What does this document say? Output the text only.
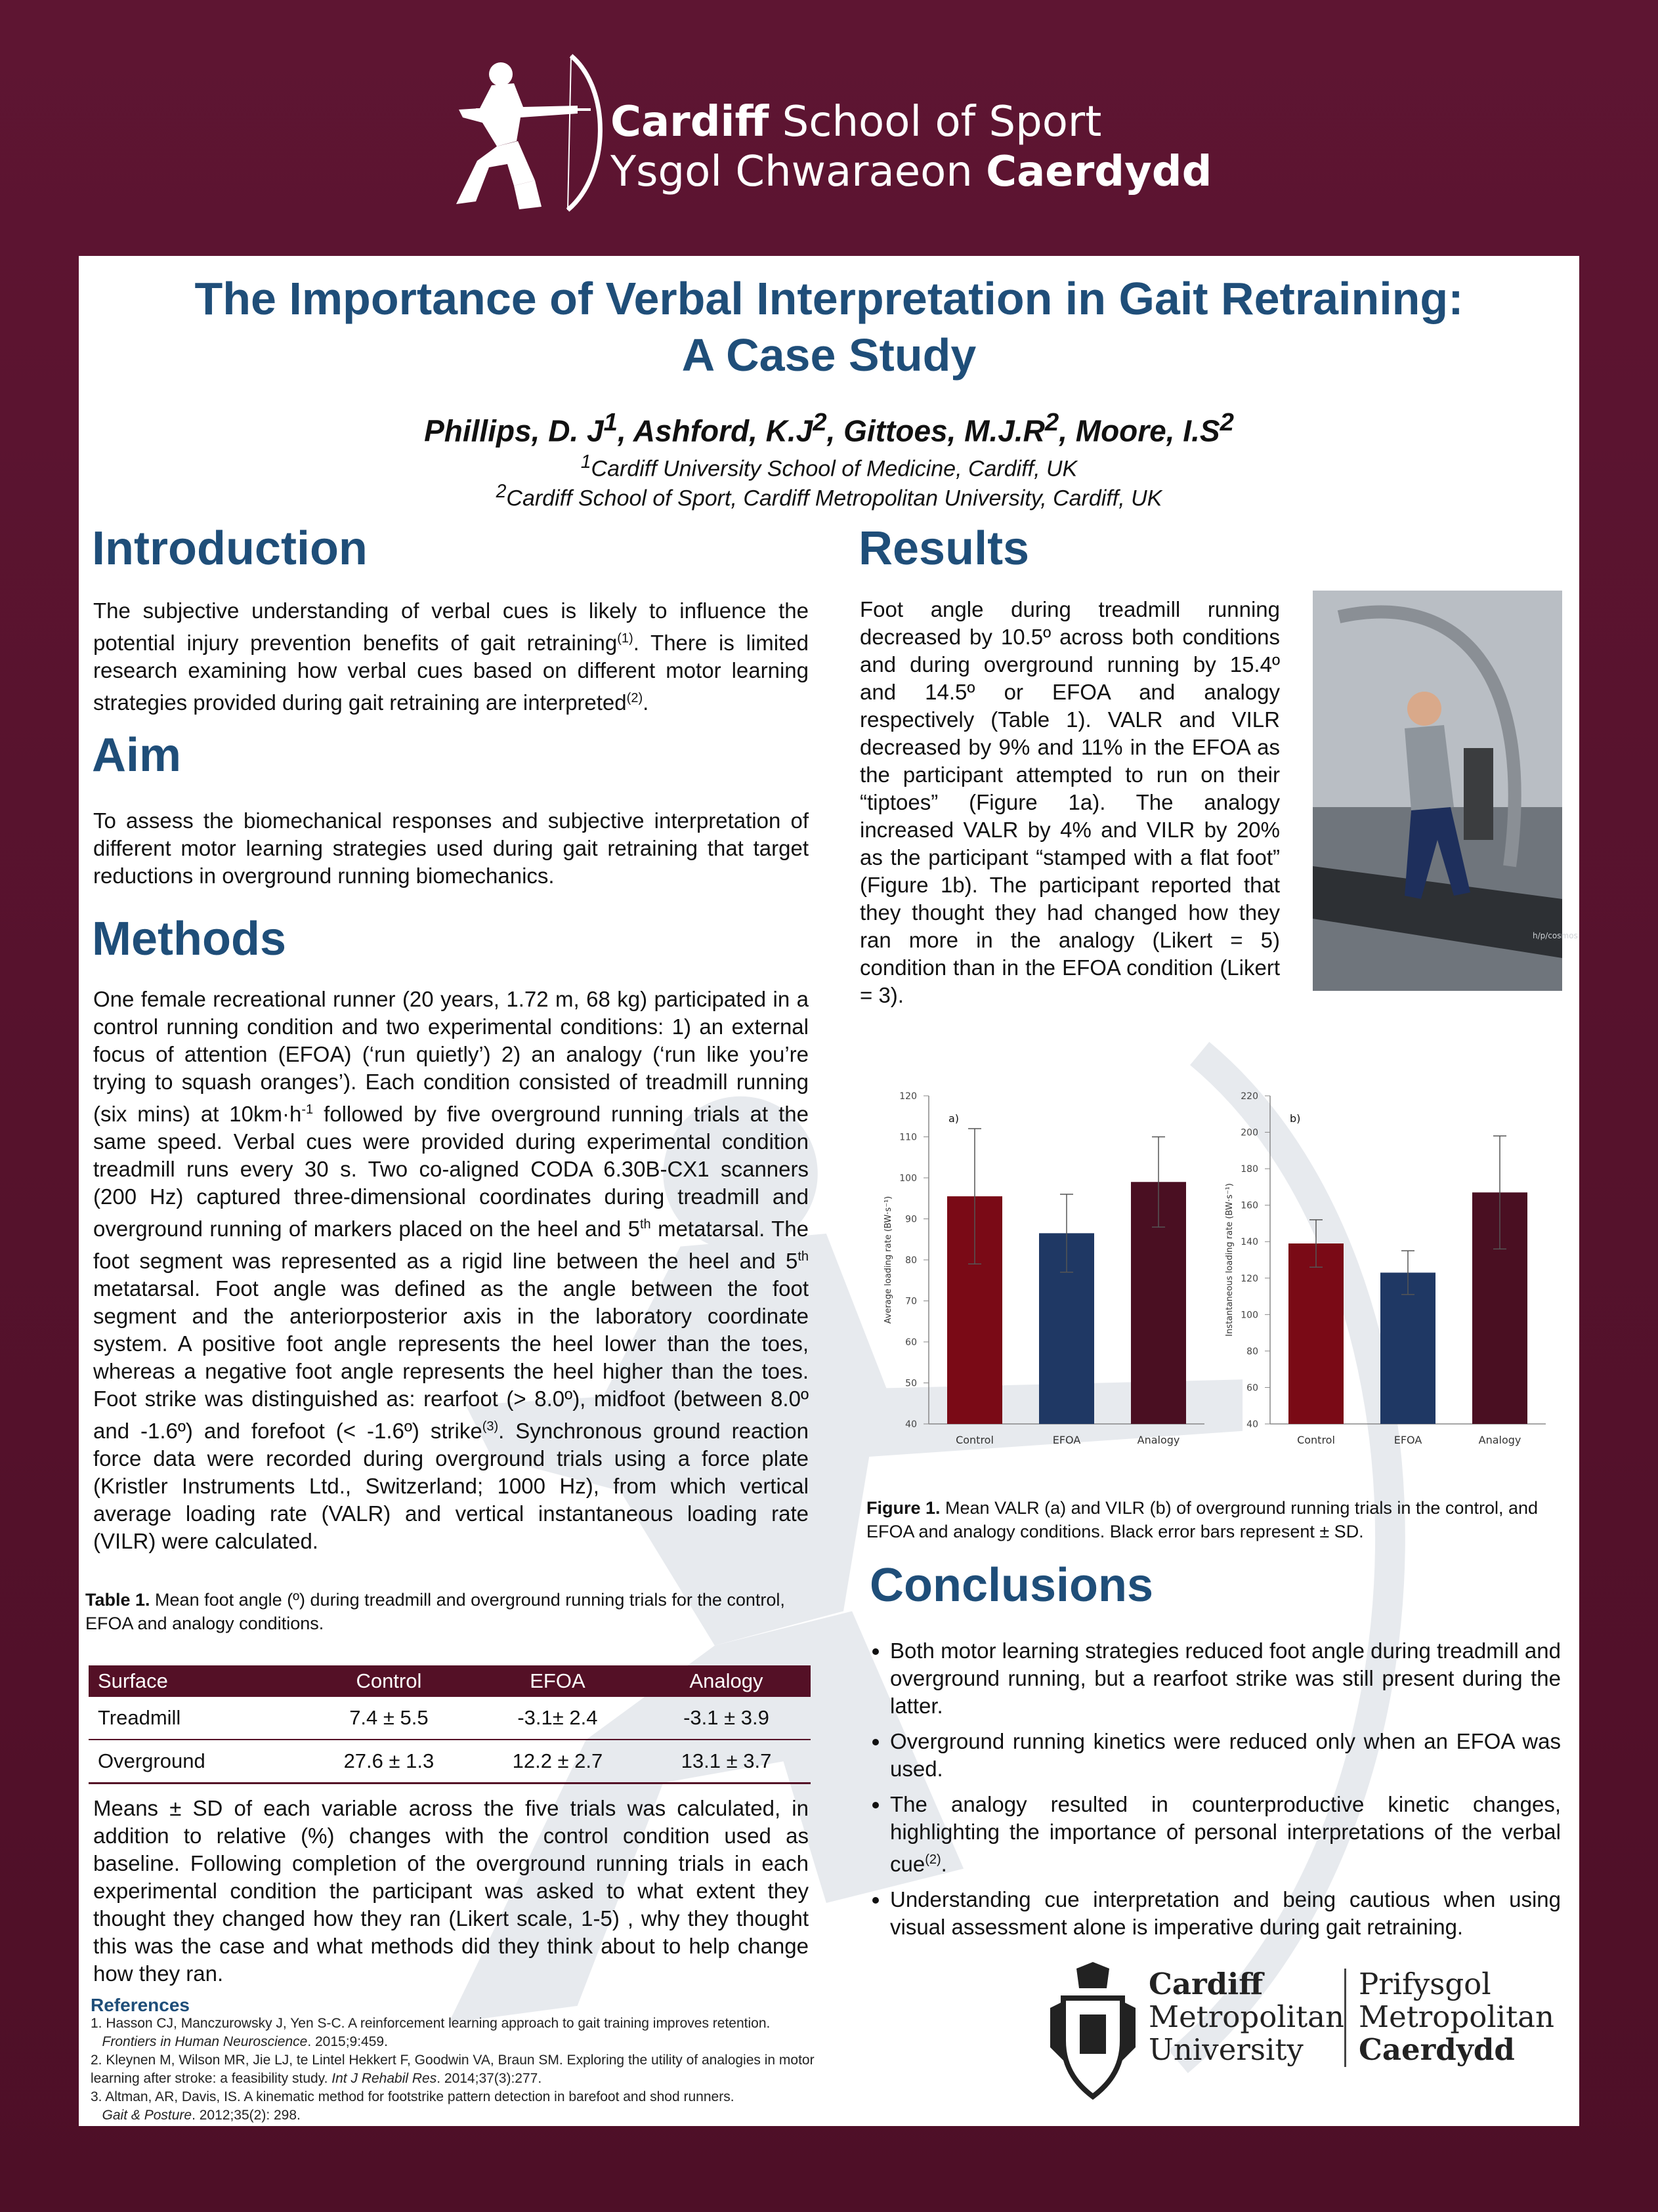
Cardiff School of Sport
Ysgol Chwaraeon Caerdydd
The Importance of Verbal Interpretation in Gait Retraining:
A Case Study
Phillips, D. $J^1$, Ashford, $K.J^2$, Gittoes, $M.J.R^2$, Moore, $I.S^2$
$^1$Cardiff University School of Medicine, Cardiff, UK
$^2$Cardiff School of Sport, Cardiff Metropolitan University, Cardiff, UK
Introduction
The subjective understanding of verbal cues is likely to influence the potential injury prevention benefits of gait retraining$^{(1)}$. There is limited research examining how verbal cues based on different motor learning strategies provided during gait retraining are interpreted$^{(2)}$.
Aim
To assess the biomechanical responses and subjective interpretation of different motor learning strategies used during gait retraining that target reductions in overground running biomechanics.
Methods
One female recreational runner (20 years, 1.72 m, 68 kg) participated in a control running condition and two experimental conditions: 1) an external focus of attention (EFOA) (‘run quietly’) 2) an analogy (‘run like you’re trying to squash oranges’). Each condition consisted of treadmill running (six mins) at $10km\cdot h^{-1}$ followed by five overground running trials at the same speed. Verbal cues were provided during experimental condition treadmill runs every 30 s. Two co-aligned CODA 6.30B-CX1 scanners (200 Hz) captured three-dimensional coordinates during treadmill and overground running of markers placed on the heel and 5th metatarsal. The foot segment was represented as a rigid line between the heel and 5th metatarsal. Foot angle was defined as the angle between the foot segment and the anteriorposterior axis in the laboratory coordinate system. A positive foot angle represents the heel lower than the toes, whereas a negative foot angle represents the heel higher than the toes. Foot strike was distinguished as: rearfoot (> 8.0º), midfoot (between 8.0º and -1.6º) and forefoot (< -1.6º) strike$^{(3)}$. Synchronous ground reaction force data were recorded during overground trials using a force plate (Kristler Instruments Ltd., Switzerland; 1000 Hz), from which vertical average loading rate (VALR) and vertical instantaneous loading rate (VILR) were calculated.
Table 1. Mean foot angle (º) during treadmill and overground running trials for the control, EFOA and analogy conditions.
Surface	Control	EFOA	Analogy
Treadmill	7.4 ± 5.5	-3.1± 2.4	-3.1 ± 3.9
Overground	27.6 ± 1.3	12.2 ± 2.7	13.1 ± 3.7
Means ± SD of each variable across the five trials was calculated, in addition to relative (%) changes with the control condition used as baseline. Following completion of the overground running trials in each experimental condition the participant was asked to what extent they thought they changed how they ran (Likert scale, 1-5) , why they thought this was the case and what methods did they think about to help change how they ran.
References
1. Hasson CJ, Manczurowsky J, Yen S-C. A reinforcement learning approach to gait training improves retention.
Frontiers in Human Neuroscience. 2015;9:459.
2. Kleynen M, Wilson MR, Jie LJ, te Lintel Hekkert F, Goodwin VA, Braun SM. Exploring the utility of analogies in motor learning after stroke: a feasibility study. Int J Rehabil Res. 2014;37(3):277.
3. Altman, AR, Davis, IS. A kinematic method for footstrike pattern detection in barefoot and shod runners.
Gait & Posture. 2012;35(2): 298.
Results
Foot angle during treadmill running decreased by 10.5º across both conditions and during overground running by 15.4º and 14.5º or EFOA and analogy respectively (Table 1). VALR and VILR decreased by 9% and 11% in the EFOA as the participant attempted to run on their “tiptoes” (Figure 1a). The analogy increased VALR by 4% and VILR by 20% as the participant “stamped with a flat foot” (Figure 1b). The participant reported that they thought they had changed how they ran more in the analogy (Likert = 5) condition than in the EFOA condition (Likert = 3).
h/p/cosmos
40
50
60
70
80
90
100
110
120
Average loading rate (BW·s⁻¹)
a)
Control	EFOA	Analogy
40
60
80
100
120
140
160
180
200
220
Instantaneous loading rate (BW·s⁻¹)
b)
Control	EFOA	Analogy
Figure 1. Mean VALR (a) and VILR (b) of overground running trials in the control, and EFOA and analogy conditions. Black error bars represent ± SD.
Conclusions
• Both motor learning strategies reduced foot angle during treadmill and overground running, but a rearfoot strike was still present during the latter.
• Overground running kinetics were reduced only when an EFOA was used.
• The analogy resulted in counterproductive kinetic changes, highlighting the importance of personal interpretations of the verbal cue$^{(2)}$.
• Understanding cue interpretation and being cautious when using visual assessment alone is imperative during gait retraining.
Cardiff
Metropolitan
University
Prifysgol
Metropolitan
Caerdydd
